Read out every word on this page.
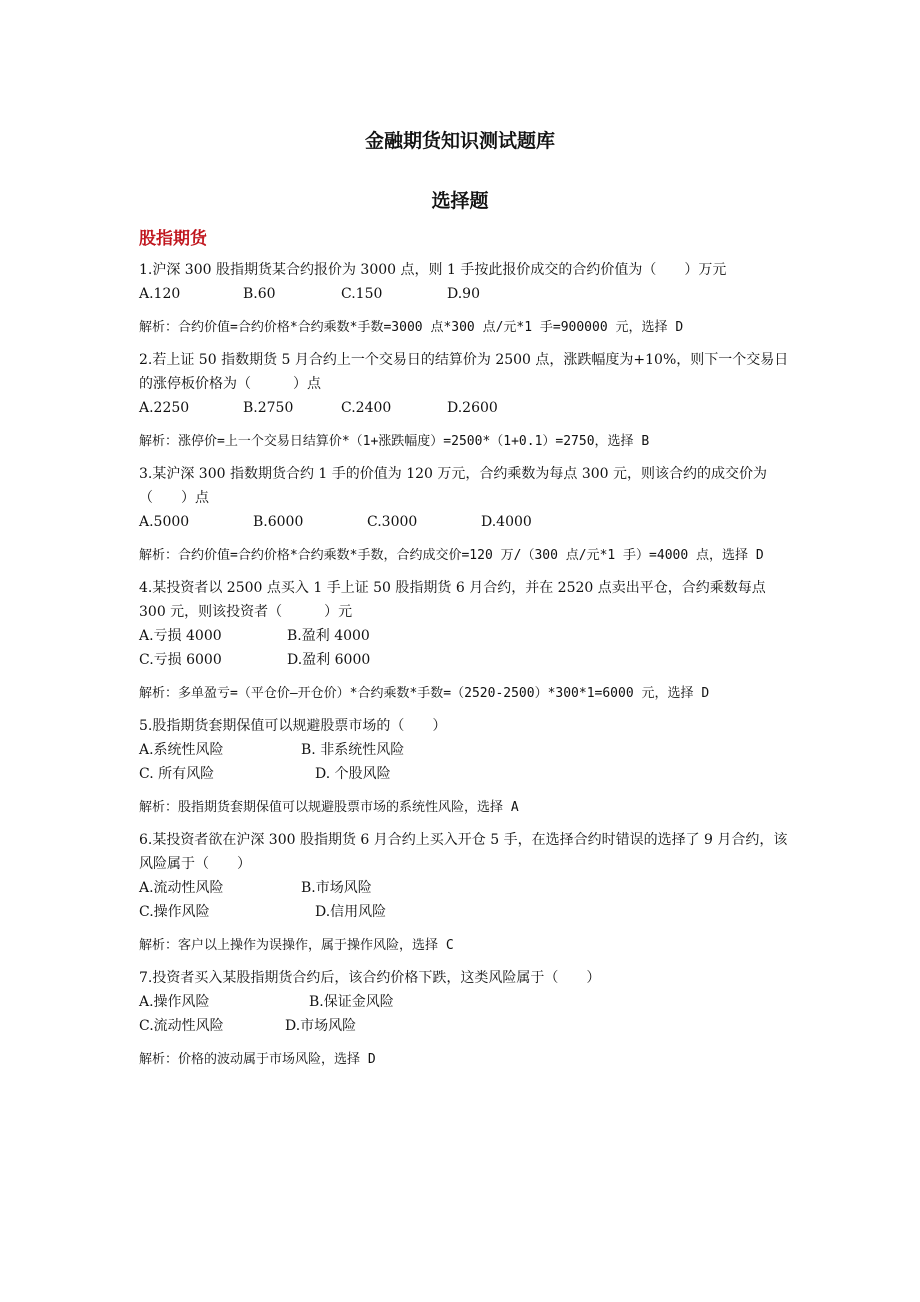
金融期货知识测试题库
选择题
股指期货
1.沪深 300 股指期货某合约报价为 3000 点，则 1 手按此报价成交的合约价值为（　　）万元
A.120	B.60	C.150	D.90
解析：合约价值=合约价格*合约乘数*手数=3000 点*300 点/元*1 手=900000 元，选择 D
2.若上证 50 指数期货 5 月合约上一个交易日的结算价为 2500 点，涨跌幅度为+10%，则下一个交易日的涨停板价格为（　　　）点
A.2250	B.2750	C.2400	D.2600
解析：涨停价=上一个交易日结算价*（1+涨跌幅度）=2500*（1+0.1）=2750，选择 B
3.某沪深 300 指数期货合约 1 手的价值为 120 万元，合约乘数为每点 300 元，则该合约的成交价为（　　）点
A.5000	B.6000	C.3000	D.4000
解析：合约价值=合约价格*合约乘数*手数，合约成交价=120 万/（300 点/元*1 手）=4000 点，选择 D
4.某投资者以 2500 点买入 1 手上证 50 股指期货 6 月合约，并在 2520 点卖出平仓，合约乘数每点 300 元，则该投资者（　　　）元
A.亏损 4000	B.盈利 4000
C.亏损 6000	D.盈利 6000
解析：多单盈亏=（平仓价—开仓价）*合约乘数*手数=（2520-2500）*300*1=6000 元，选择 D
5.股指期货套期保值可以规避股票市场的（　　）
A.系统性风险	B. 非系统性风险
C. 所有风险	D. 个股风险
解析：股指期货套期保值可以规避股票市场的系统性风险，选择 A
6.某投资者欲在沪深 300 股指期货 6 月合约上买入开仓 5 手，在选择合约时错误的选择了 9 月合约，该风险属于（　　）
A.流动性风险	B.市场风险
C.操作风险	D.信用风险
解析：客户以上操作为误操作，属于操作风险，选择 C
7.投资者买入某股指期货合约后，该合约价格下跌，这类风险属于（　　）
A.操作风险	B.保证金风险
C.流动性风险	D.市场风险
解析：价格的波动属于市场风险，选择 D
